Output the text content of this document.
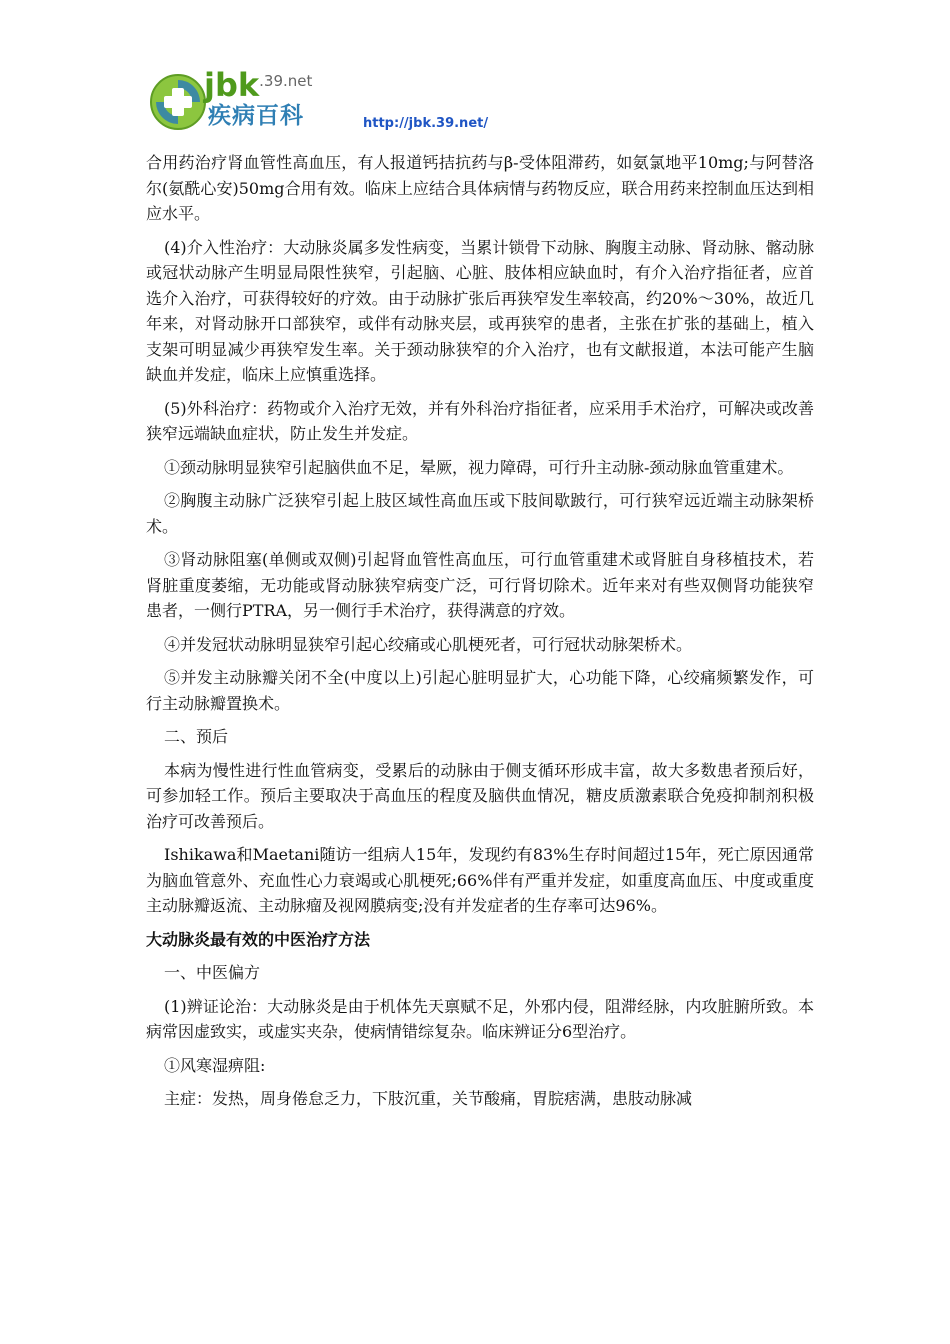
jbk$^{.39.net}$
疾病百科	http://jbk.39.net/

合用药治疗肾血管性高血压，有人报道钙拮抗药与β-受体阻滞药，如氨氯地平10mg;与阿替洛尔(氨酰心安)50mg合用有效。临床上应结合具体病情与药物反应，联合用药来控制血压达到相应水平。

(4)介入性治疗：大动脉炎属多发性病变，当累计锁骨下动脉、胸腹主动脉、肾动脉、髂动脉或冠状动脉产生明显局限性狭窄，引起脑、心脏、肢体相应缺血时，有介入治疗指征者，应首选介入治疗，可获得较好的疗效。由于动脉扩张后再狭窄发生率较高，约20%～30%，故近几年来，对肾动脉开口部狭窄，或伴有动脉夹层，或再狭窄的患者，主张在扩张的基础上，植入支架可明显减少再狭窄发生率。关于颈动脉狭窄的介入治疗，也有文献报道，本法可能产生脑缺血并发症，临床上应慎重选择。

(5)外科治疗：药物或介入治疗无效，并有外科治疗指征者，应采用手术治疗，可解决或改善狭窄远端缺血症状，防止发生并发症。

①颈动脉明显狭窄引起脑供血不足，晕厥，视力障碍，可行升主动脉-颈动脉血管重建术。

②胸腹主动脉广泛狭窄引起上肢区域性高血压或下肢间歇跛行，可行狭窄远近端主动脉架桥术。

③肾动脉阻塞(单侧或双侧)引起肾血管性高血压，可行血管重建术或肾脏自身移植技术，若肾脏重度萎缩，无功能或肾动脉狭窄病变广泛，可行肾切除术。近年来对有些双侧肾功能狭窄患者，一侧行PTRA，另一侧行手术治疗，获得满意的疗效。

④并发冠状动脉明显狭窄引起心绞痛或心肌梗死者，可行冠状动脉架桥术。

⑤并发主动脉瓣关闭不全(中度以上)引起心脏明显扩大，心功能下降，心绞痛频繁发作，可行主动脉瓣置换术。

二、预后

本病为慢性进行性血管病变，受累后的动脉由于侧支循环形成丰富，故大多数患者预后好，可参加轻工作。预后主要取决于高血压的程度及脑供血情况，糖皮质激素联合免疫抑制剂积极治疗可改善预后。

Ishikawa和Maetani随访一组病人15年，发现约有83%生存时间超过15年，死亡原因通常为脑血管意外、充血性心力衰竭或心肌梗死;66%伴有严重并发症，如重度高血压、中度或重度主动脉瓣返流、主动脉瘤及视网膜病变;没有并发症者的生存率可达96%。

大动脉炎最有效的中医治疗方法

一、中医偏方

(1)辨证论治：大动脉炎是由于机体先天禀赋不足，外邪内侵，阻滞经脉，内攻脏腑所致。本病常因虚致实，或虚实夹杂，使病情错综复杂。临床辨证分6型治疗。

①风寒湿痹阻:

主症：发热，周身倦怠乏力，下肢沉重，关节酸痛，胃脘痞满，患肢动脉减
